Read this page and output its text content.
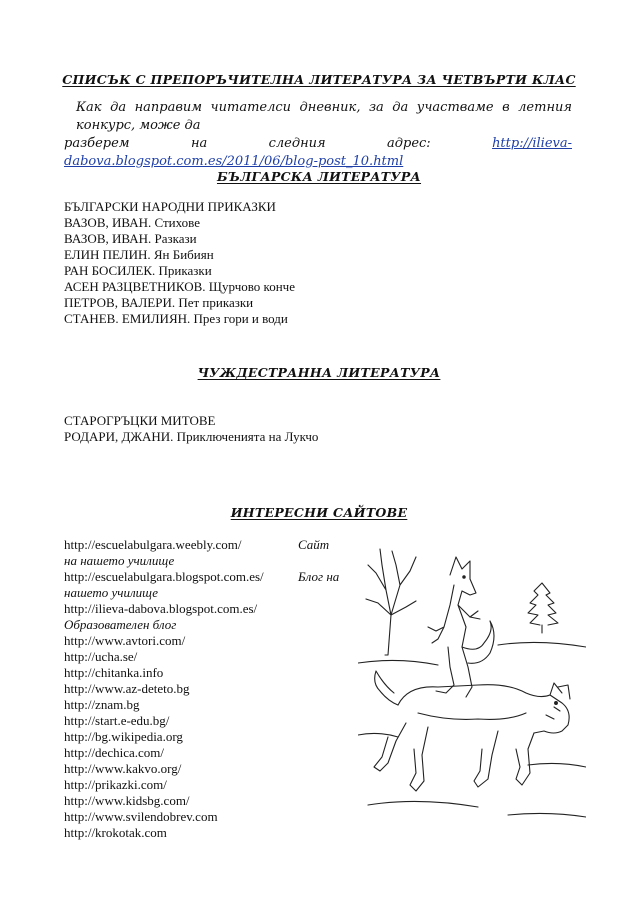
СПИСЪК С ПРЕПОРЪЧИТЕЛНА ЛИТЕРАТУРА ЗА ЧЕТВЪРТИ КЛАС
Как да направим читателси дневник, за да участваме в летния конкурс, може да
разберем на следния адрес: http://ilieva-dabova.blogspot.com.es/2011/06/blog-post_10.html
БЪЛГАРСКА ЛИТЕРАТУРА
БЪЛГАРСКИ НАРОДНИ ПРИКАЗКИ
ВАЗОВ, ИВАН. Стихове
ВАЗОВ, ИВАН. Разкази
ЕЛИН ПЕЛИН. Ян Бибиян
РАН БОСИЛЕК. Приказки
АСЕН РАЗЦВЕТНИКОВ. Щурчово конче
ПЕТРОВ, ВАЛЕРИ. Пет приказки
СТАНЕВ. ЕМИЛИЯН. През гори и води
ЧУЖДЕСТРАННА ЛИТЕРАТУРА
СТАРОГРЪЦКИ МИТОВЕ
РОДАРИ, ДЖАНИ. Приключенията на Лукчо
ИНТЕРЕСНИ САЙТОВЕ
http://escuelabulgara.weebly.com/	Сайт
на нашето училище
http://escuelabulgara.blogspot.com.es/	Блог на
нашето училище
http://ilieva-dabova.blogspot.com.es/
Образователен блог
http://www.avtori.com/
http://ucha.se/
http://chitanka.info
http://www.az-deteto.bg
http://znam.bg
http://start.e-edu.bg/
http://bg.wikipedia.org
http://dechica.com/
http://www.kakvo.org/
http://prikazki.com/
http://www.kidsbg.com/
http://www.svilendobrev.com
http://krokotak.com
